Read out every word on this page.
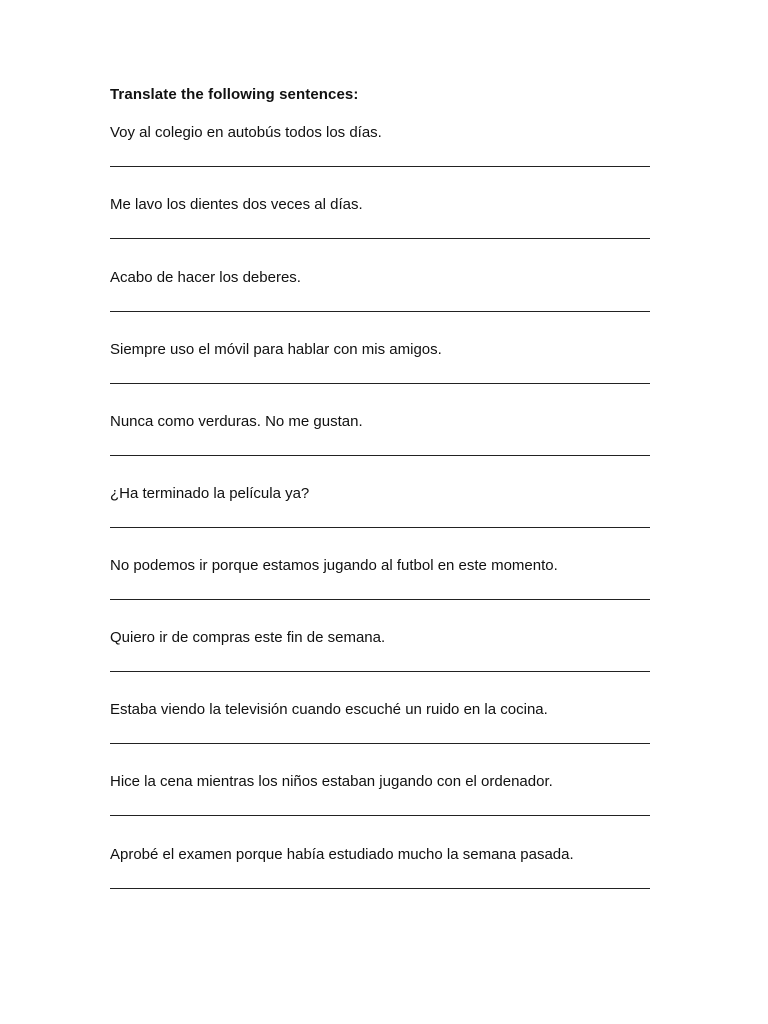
Translate the following sentences:
Voy al colegio en autobús todos los días.
Me lavo los dientes dos veces al días.
Acabo de hacer los deberes.
Siempre uso el móvil para hablar con mis amigos.
Nunca como verduras. No me gustan.
¿Ha terminado la película ya?
No podemos ir porque estamos jugando al futbol en este momento.
Quiero ir de compras este fin de semana.
Estaba viendo la televisión cuando escuché un ruido en la cocina.
Hice la cena mientras los niños estaban jugando con el ordenador.
Aprobé el examen porque había estudiado mucho la semana pasada.
